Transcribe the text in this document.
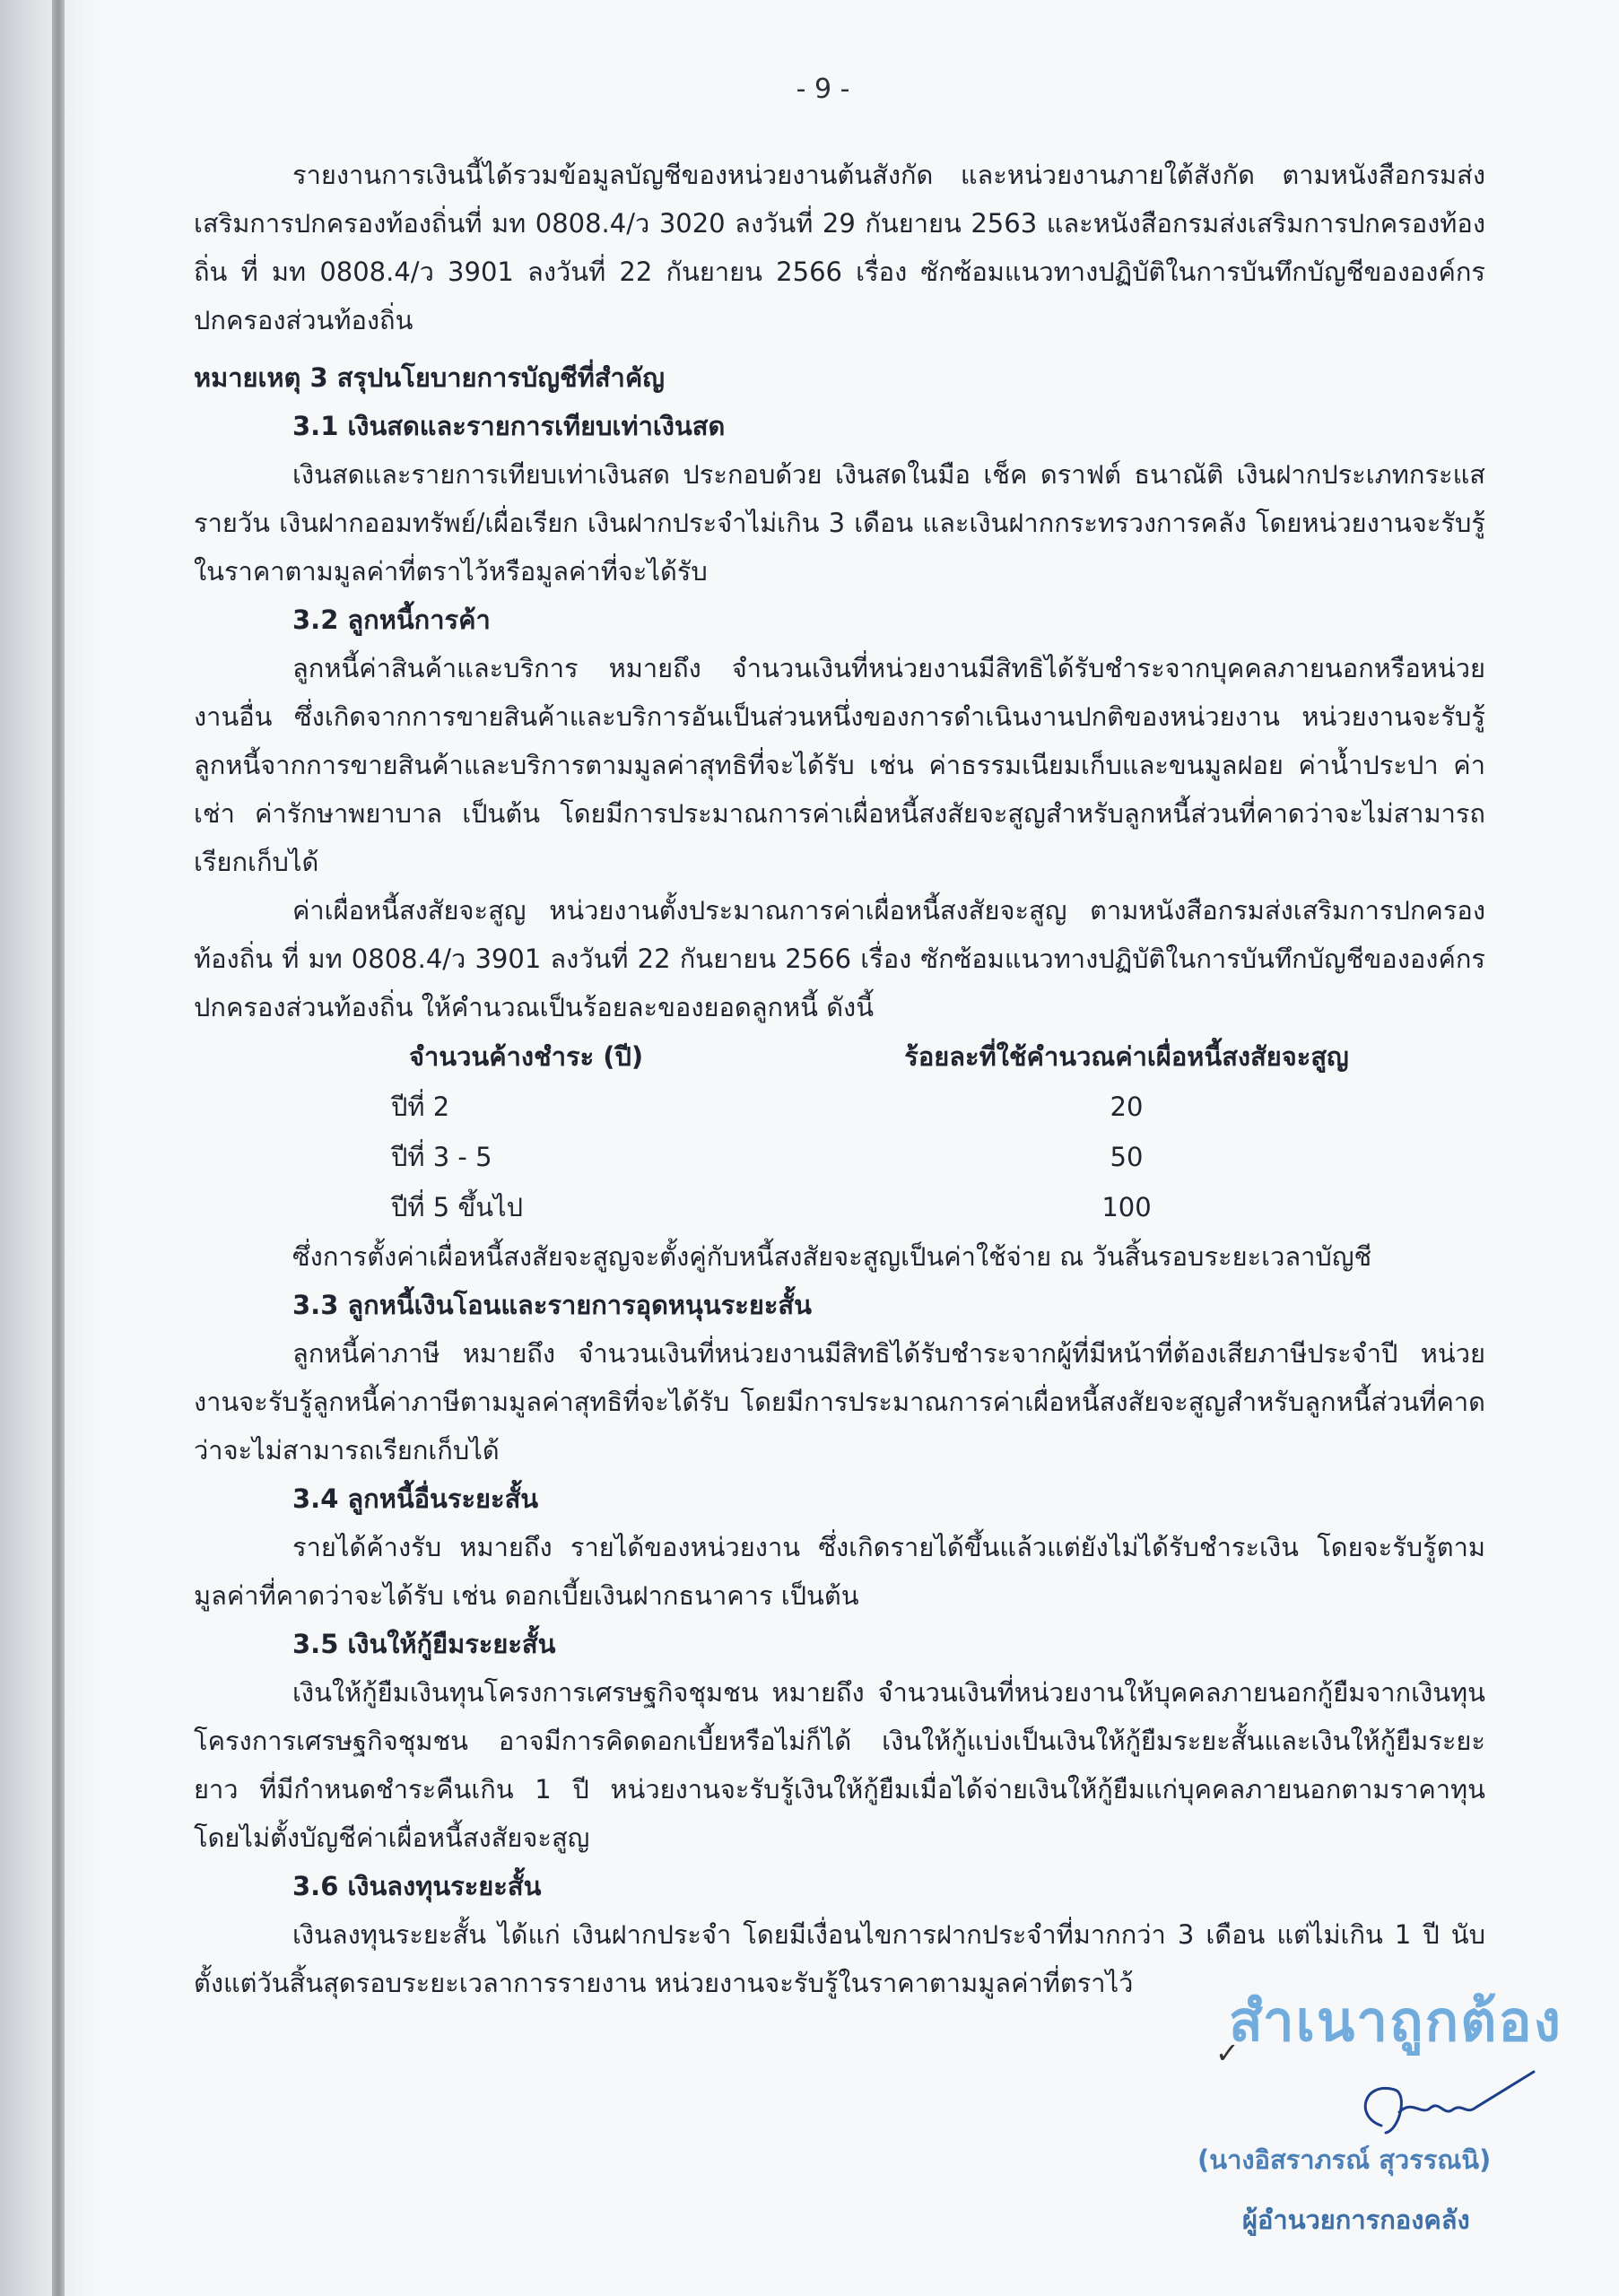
- 9 -

รายงานการเงินนี้ได้รวมข้อมูลบัญชีของหน่วยงานต้นสังกัด และหน่วยงานภายใต้สังกัด ตามหนังสือกรมส่งเสริมการปกครองท้องถิ่นที่ มท 0808.4/ว 3020 ลงวันที่ 29 กันยายน 2563 และหนังสือกรมส่งเสริมการปกครองท้องถิ่น ที่ มท 0808.4/ว 3901 ลงวันที่ 22 กันยายน 2566 เรื่อง ซักซ้อมแนวทางปฏิบัติในการบันทึกบัญชีขององค์กรปกครองส่วนท้องถิ่น

หมายเหตุ 3 สรุปนโยบายการบัญชีที่สำคัญ
3.1 เงินสดและรายการเทียบเท่าเงินสด

เงินสดและรายการเทียบเท่าเงินสด ประกอบด้วย เงินสดในมือ เช็ค ดราฟต์ ธนาณัติ เงินฝากประเภทกระแสรายวัน เงินฝากออมทรัพย์/เผื่อเรียก เงินฝากประจำไม่เกิน 3 เดือน และเงินฝากกระทรวงการคลัง โดยหน่วยงานจะรับรู้ในราคาตามมูลค่าที่ตราไว้หรือมูลค่าที่จะได้รับ

3.2 ลูกหนี้การค้า

ลูกหนี้ค่าสินค้าและบริการ หมายถึง จำนวนเงินที่หน่วยงานมีสิทธิได้รับชำระจากบุคคลภายนอกหรือหน่วยงานอื่น ซึ่งเกิดจากการขายสินค้าและบริการอันเป็นส่วนหนึ่งของการดำเนินงานปกติของหน่วยงาน หน่วยงานจะรับรู้ลูกหนี้จากการขายสินค้าและบริการตามมูลค่าสุทธิที่จะได้รับ เช่น ค่าธรรมเนียมเก็บและขนมูลฝอย ค่าน้ำประปา ค่าเช่า ค่ารักษาพยาบาล เป็นต้น โดยมีการประมาณการค่าเผื่อหนี้สงสัยจะสูญสำหรับลูกหนี้ส่วนที่คาดว่าจะไม่สามารถเรียกเก็บได้

ค่าเผื่อหนี้สงสัยจะสูญ หน่วยงานตั้งประมาณการค่าเผื่อหนี้สงสัยจะสูญ ตามหนังสือกรมส่งเสริมการปกครองท้องถิ่น ที่ มท 0808.4/ว 3901 ลงวันที่ 22 กันยายน 2566 เรื่อง ซักซ้อมแนวทางปฏิบัติในการบันทึกบัญชีขององค์กรปกครองส่วนท้องถิ่น ให้คำนวณเป็นร้อยละของยอดลูกหนี้ ดังนี้

จำนวนค้างชำระ (ปี)	ร้อยละที่ใช้คำนวณค่าเผื่อหนี้สงสัยจะสูญ
ปีที่ 2	20
ปีที่ 3 - 5	50
ปีที่ 5 ขึ้นไป	100

ซึ่งการตั้งค่าเผื่อหนี้สงสัยจะสูญจะตั้งคู่กับหนี้สงสัยจะสูญเป็นค่าใช้จ่าย ณ วันสิ้นรอบระยะเวลาบัญชี

3.3 ลูกหนี้เงินโอนและรายการอุดหนุนระยะสั้น

ลูกหนี้ค่าภาษี หมายถึง จำนวนเงินที่หน่วยงานมีสิทธิได้รับชำระจากผู้ที่มีหน้าที่ต้องเสียภาษีประจำปี หน่วยงานจะรับรู้ลูกหนี้ค่าภาษีตามมูลค่าสุทธิที่จะได้รับ โดยมีการประมาณการค่าเผื่อหนี้สงสัยจะสูญสำหรับลูกหนี้ส่วนที่คาดว่าจะไม่สามารถเรียกเก็บได้

3.4 ลูกหนี้อื่นระยะสั้น

รายได้ค้างรับ หมายถึง รายได้ของหน่วยงาน ซึ่งเกิดรายได้ขึ้นแล้วแต่ยังไม่ได้รับชำระเงิน โดยจะรับรู้ตามมูลค่าที่คาดว่าจะได้รับ เช่น ดอกเบี้ยเงินฝากธนาคาร เป็นต้น

3.5 เงินให้กู้ยืมระยะสั้น

เงินให้กู้ยืมเงินทุนโครงการเศรษฐกิจชุมชน หมายถึง จำนวนเงินที่หน่วยงานให้บุคคลภายนอกกู้ยืมจากเงินทุนโครงการเศรษฐกิจชุมชน อาจมีการคิดดอกเบี้ยหรือไม่ก็ได้ เงินให้กู้แบ่งเป็นเงินให้กู้ยืมระยะสั้นและเงินให้กู้ยืมระยะยาว ที่มีกำหนดชำระคืนเกิน 1 ปี หน่วยงานจะรับรู้เงินให้กู้ยืมเมื่อได้จ่ายเงินให้กู้ยืมแก่บุคคลภายนอกตามราคาทุน โดยไม่ตั้งบัญชีค่าเผื่อหนี้สงสัยจะสูญ

3.6 เงินลงทุนระยะสั้น

เงินลงทุนระยะสั้น ได้แก่ เงินฝากประจำ โดยมีเงื่อนไขการฝากประจำที่มากกว่า 3 เดือน แต่ไม่เกิน 1 ปี นับตั้งแต่วันสิ้นสุดรอบระยะเวลาการรายงาน หน่วยงานจะรับรู้ในราคาตามมูลค่าที่ตราไว้

สำเนาถูกต้อง
✓
(นางอิสราภรณ์ สุวรรณนิ)
ผู้อำนวยการกองคลัง
